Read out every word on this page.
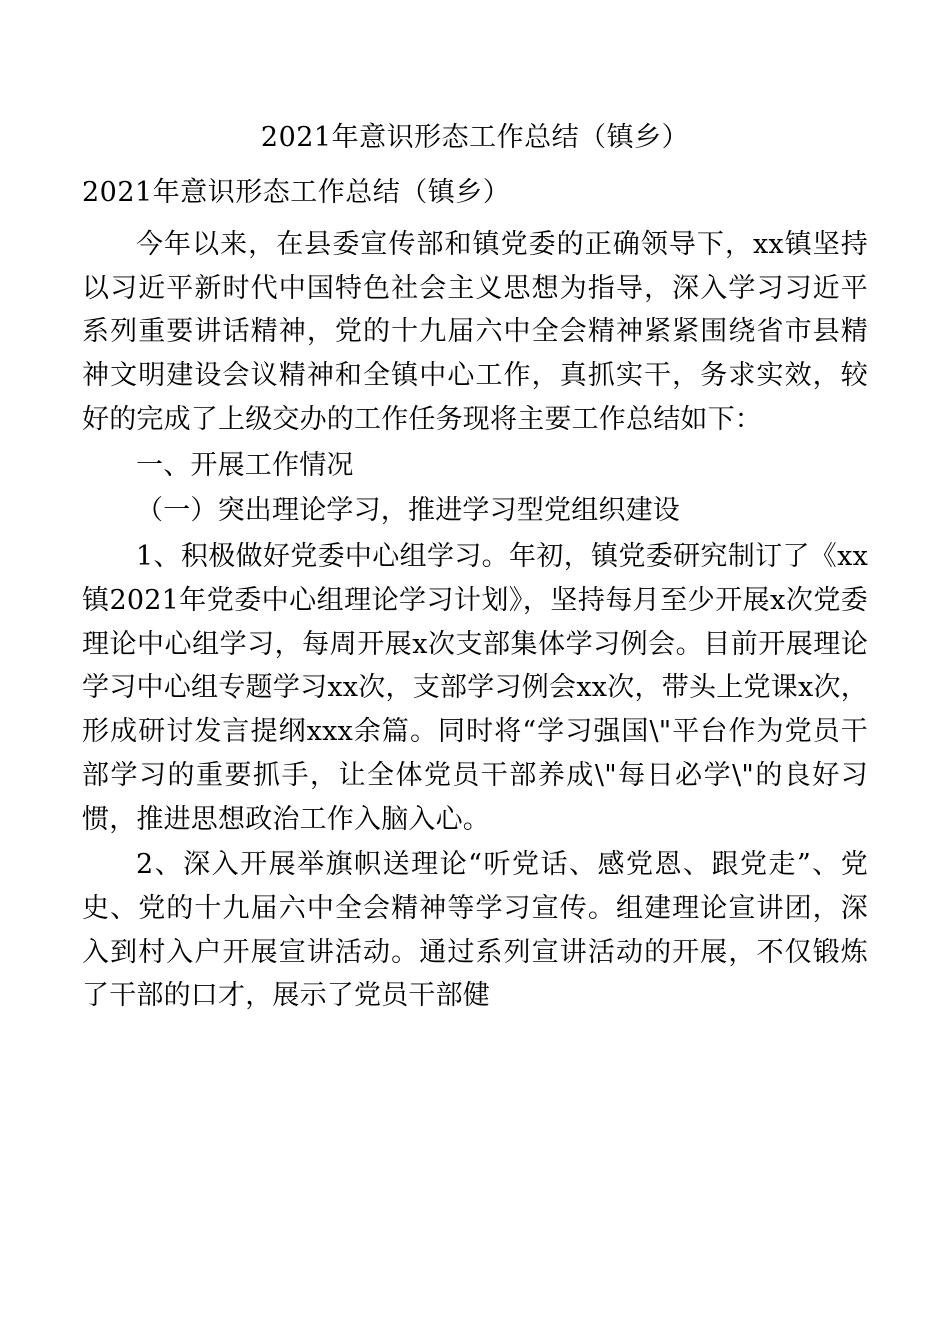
2021年意识形态工作总结（镇乡）
2021年意识形态工作总结（镇乡）

今年以来，在县委宣传部和镇党委的正确领导下，xx镇坚持以习近平新时代中国特色社会主义思想为指导，深入学习习近平系列重要讲话精神，党的十九届六中全会精神紧紧围绕省市县精神文明建设会议精神和全镇中心工作，真抓实干，务求实效，较好的完成了上级交办的工作任务现将主要工作总结如下：

一、开展工作情况

（一）突出理论学习，推进学习型党组织建设

1、积极做好党委中心组学习。年初，镇党委研究制订了《xx镇2021年党委中心组理论学习计划》，坚持每月至少开展x次党委理论中心组学习，每周开展x次支部集体学习例会。目前开展理论学习中心组专题学习xx次，支部学习例会xx次，带头上党课x次，形成研讨发言提纲xxx余篇。同时将“学习强国\"平台作为党员干部学习的重要抓手，让全体党员干部养成\"每日必学\"的良好习惯，推进思想政治工作入脑入心。

2、深入开展举旗帜送理论“听党话、感党恩、跟党走”、党史、党的十九届六中全会精神等学习宣传。组建理论宣讲团，深入到村入户开展宣讲活动。通过系列宣讲活动的开展，不仅锻炼了干部的口才，展示了党员干部健
